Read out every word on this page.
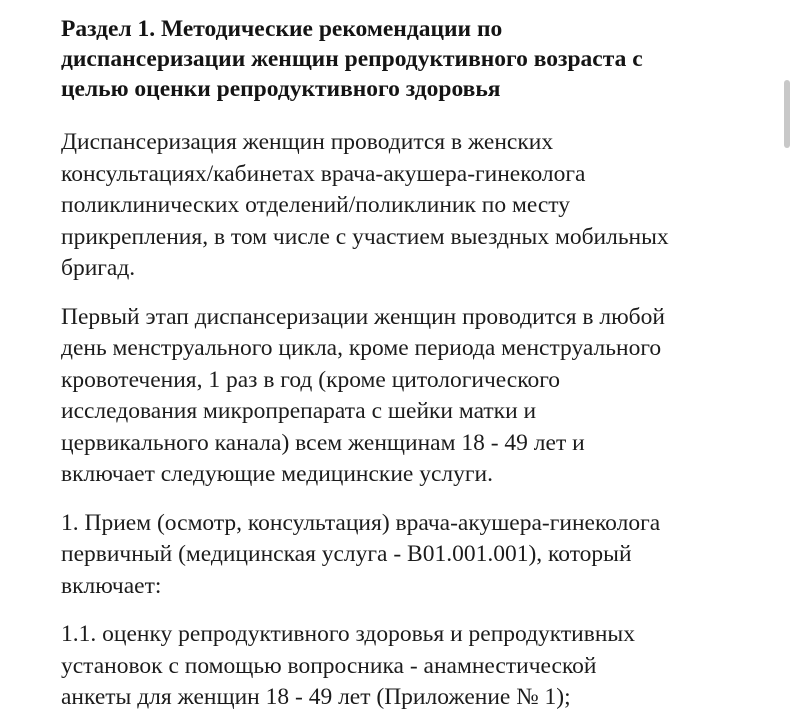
Раздел 1. Методические рекомендации по
диспансеризации женщин репродуктивного возраста с
целью оценки репродуктивного здоровья

Диспансеризация женщин проводится в женских
консультациях/кабинетах врача-акушера-гинеколога
поликлинических отделений/поликлиник по месту
прикрепления, в том числе с участием выездных мобильных
бригад.

Первый этап диспансеризации женщин проводится в любой
день менструального цикла, кроме периода менструального
кровотечения, 1 раз в год (кроме цитологического
исследования микропрепарата с шейки матки и
цервикального канала) всем женщинам 18 - 49 лет и
включает следующие медицинские услуги.

1. Прием (осмотр, консультация) врача-акушера-гинеколога
первичный (медицинская услуга - B01.001.001), который
включает:

1.1. оценку репродуктивного здоровья и репродуктивных
установок с помощью вопросника - анамнестической
анкеты для женщин 18 - 49 лет (Приложение № 1);
